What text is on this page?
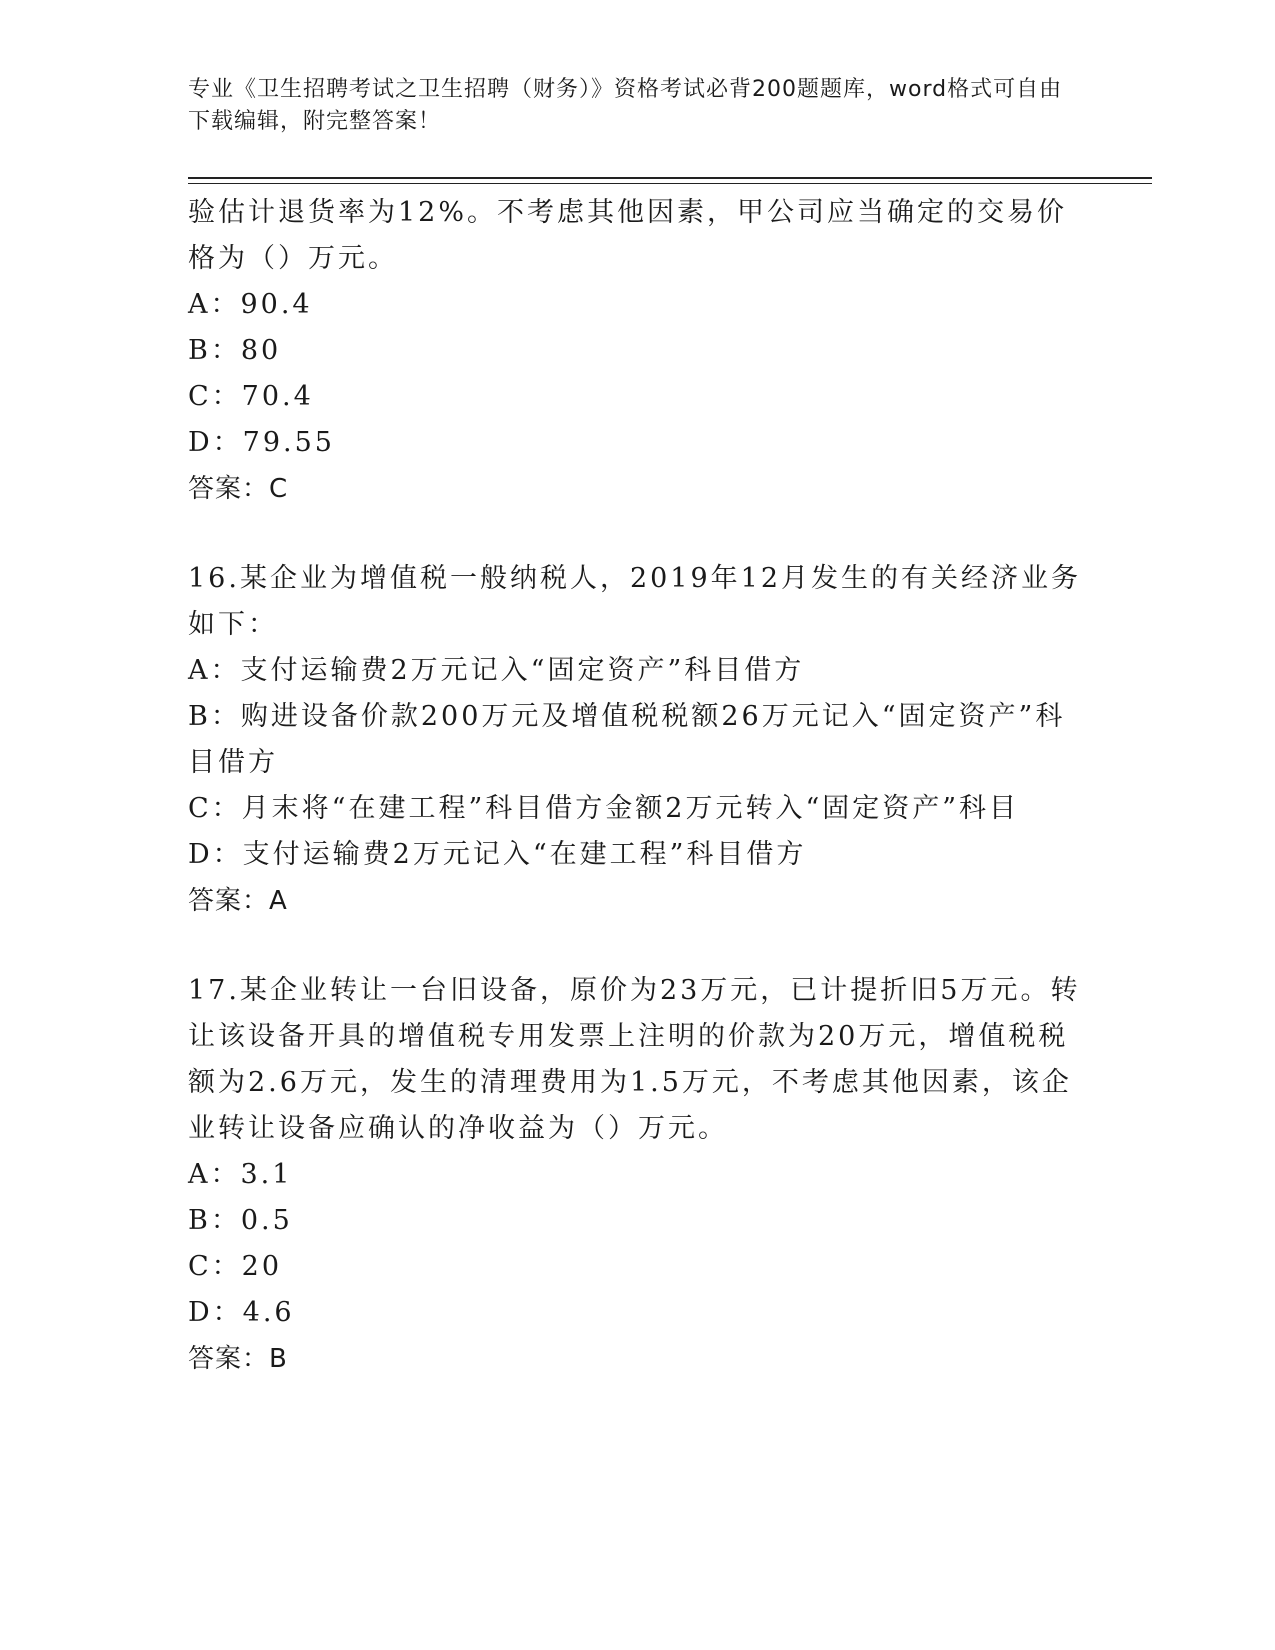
专业《卫生招聘考试之卫生招聘（财务）》资格考试必背200题题库，word格式可自由下载编辑，附完整答案！
验估计退货率为12%。不考虑其他因素，甲公司应当确定的交易价格为（）万元。
A：90.4
B：80
C：70.4
D：79.55
答案：C
16.某企业为增值税一般纳税人，2019年12月发生的有关经济业务如下：
A：支付运输费2万元记入“固定资产”科目借方
B：购进设备价款200万元及增值税税额26万元记入“固定资产”科目借方
C：月末将“在建工程”科目借方金额2万元转入“固定资产”科目
D：支付运输费2万元记入“在建工程”科目借方
答案：A
17.某企业转让一台旧设备，原价为23万元，已计提折旧5万元。转让该设备开具的增值税专用发票上注明的价款为20万元，增值税税额为2.6万元，发生的清理费用为1.5万元，不考虑其他因素，该企业转让设备应确认的净收益为（）万元。
A：3.1
B：0.5
C：20
D：4.6
答案：B
